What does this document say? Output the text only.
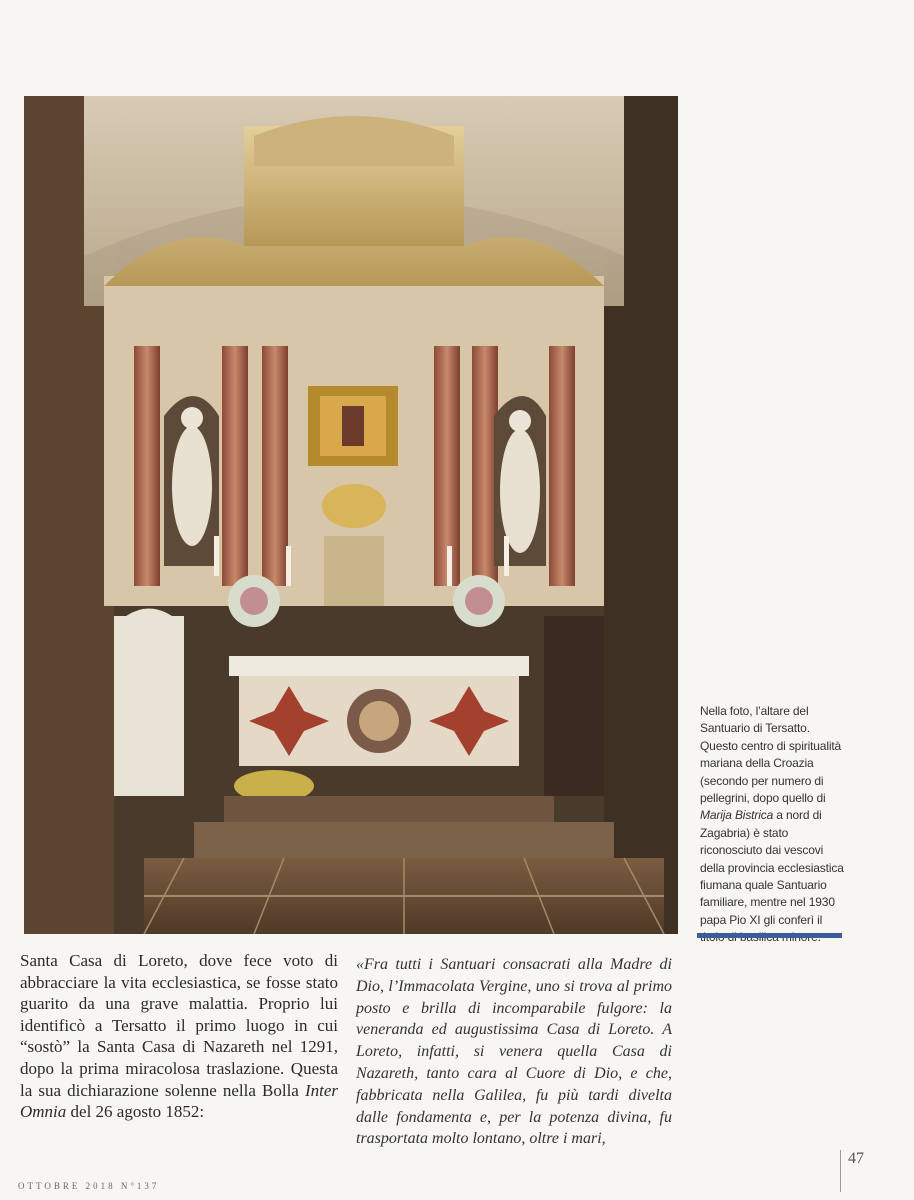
Nella foto, l’altare del Santuario di Tersatto. Questo centro di spiritualità mariana della Croazia (secondo per numero di pellegrini, dopo quello di Marija Bistrica a nord di Zagabria) è stato riconosciuto dai vescovi della provincia ecclesiastica fiumana quale Santuario familiare, mentre nel 1930 papa Pio XI gli conferì il
Santa Casa di Loreto, dove fece voto di abbracciare la vita ecclesiastica, se fosse stato guarito da una grave malattia. Proprio lui identificò a Tersatto il primo luogo in cui “sostò” la Santa Casa di Nazareth nel 1291, dopo la prima miracolosa traslazione. Questa la sua dichiarazione solenne nella Bolla Inter Omnia del 26 agosto 1852:
«Fra tutti i Santuari consacrati alla Madre di Dio, l’Immacolata Vergine, uno si trova al primo posto e brilla di incomparabile fulgore: la veneranda ed augustissima Casa di Loreto. A Loreto, infatti, si venera quella Casa di Nazareth, tanto cara al Cuore di Dio, e che, fabbricata nella Galilea, fu più tardi divelta dalle fondamenta e, per la potenza divina, fu trasportata molto lontano, oltre i mari,
OTTOBRE 2018 N°137
47
